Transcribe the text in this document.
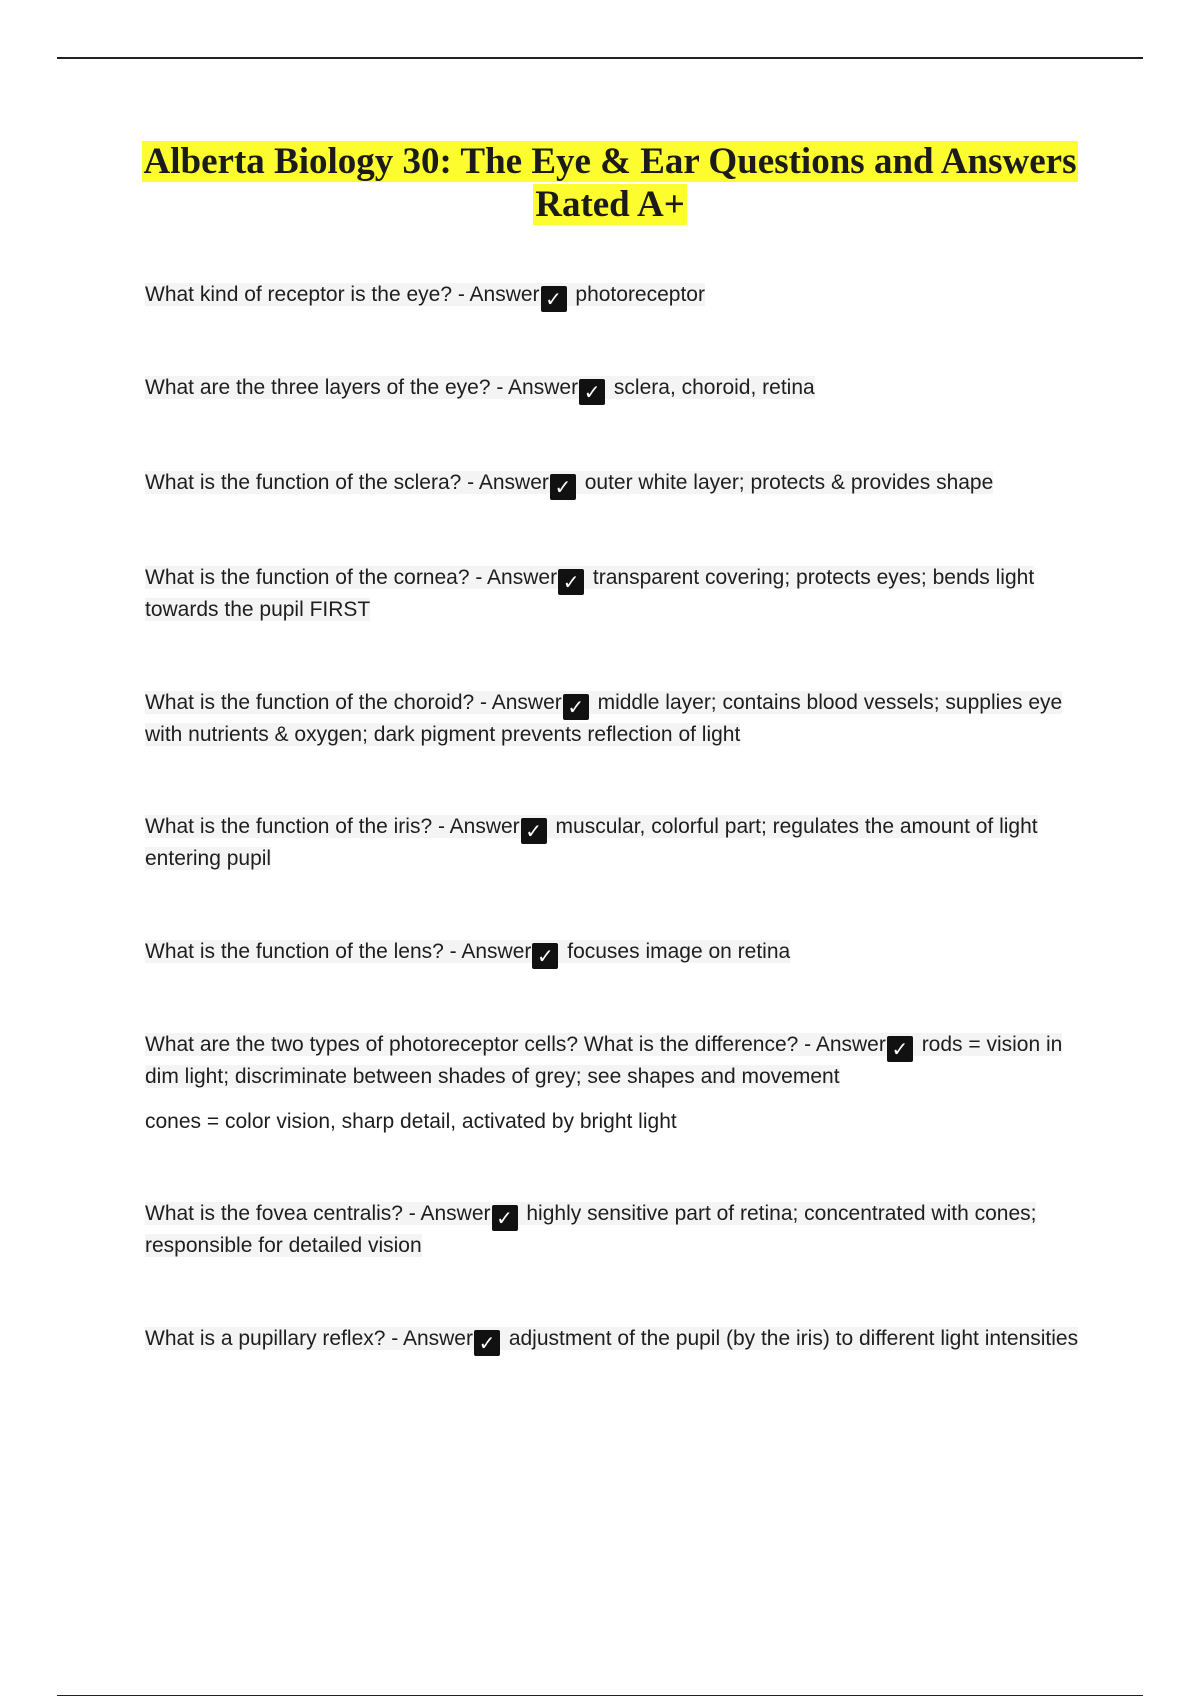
Alberta Biology 30: The Eye & Ear Questions and Answers
Rated A+
What kind of receptor is the eye? - Answer ✓ photoreceptor
What are the three layers of the eye? - Answer ✓ sclera, choroid, retina
What is the function of the sclera? - Answer ✓ outer white layer; protects & provides shape
What is the function of the cornea? - Answer ✓ transparent covering; protects eyes; bends light towards the pupil FIRST
What is the function of the choroid? - Answer ✓ middle layer; contains blood vessels; supplies eye with nutrients & oxygen; dark pigment prevents reflection of light
What is the function of the iris? - Answer ✓ muscular, colorful part; regulates the amount of light entering pupil
What is the function of the lens? - Answer ✓ focuses image on retina
What are the two types of photoreceptor cells? What is the difference? - Answer ✓ rods = vision in dim light; discriminate between shades of grey; see shapes and movement
cones = color vision, sharp detail, activated by bright light
What is the fovea centralis? - Answer ✓ highly sensitive part of retina; concentrated with cones; responsible for detailed vision
What is a pupillary reflex? - Answer ✓ adjustment of the pupil (by the iris) to different light intensities
